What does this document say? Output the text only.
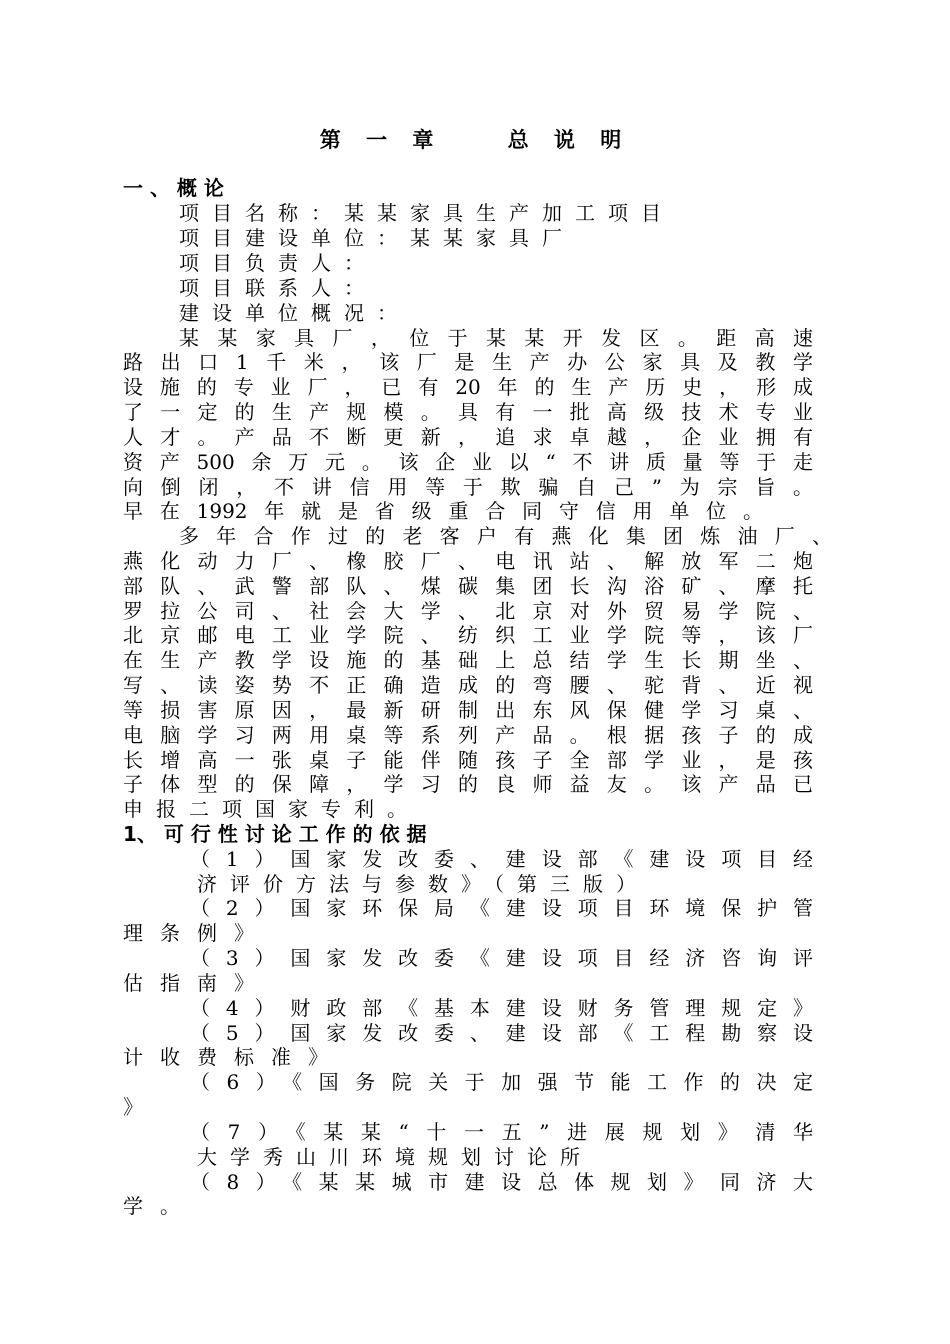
第 一 章    总 说 明

一 、 概 论

项目名称：某某家具生产加工项目

项目建设单位：某某家具厂

项目负责人：

项目联系人：

建设单位概况：

某某家具厂，位于某某开发区。距高速

路出口1千米，该厂是生产办公家具及教学

设施的专业厂，已有20年的生产历史，形成

了一定的生产规模。具有一批高级技术专业

人才。产品不断更新，追求卓越，企业拥有

资产500余万元。该企业以“不讲质量等于走

向倒闭，不讲信用等于欺骗自己”为宗旨。

早在1992年就是省级重合同守信用单位。

多年合作过的老客户有燕化集团炼油厂、

燕化动力厂、橡胶厂、电讯站、解放军二炮

部队、武警部队、煤碳集团长沟浴矿、摩托

罗拉公司、社会大学、北京对外贸易学院、

北京邮电工业学院、纺织工业学院等，该厂

在生产教学设施的基础上总结学生长期坐、

写、读姿势不正确造成的弯腰、驼背、近视

等损害原因，最新研制出东风保健学习桌、

电脑学习两用桌等系列产品。根据孩子的成

长增高一张桌子能伴随孩子全部学业，是孩

子体型的保障，学习的良师益友。该产品已

申报二项国家专利。

1、 可 行 性 讨 论 工 作 的 依 据

（1）国家发改委、建设部《建设项目经

济评价方法与参数》（第三版）

（2）国家环保局《建设项目环境保护管

理条例》

（3）国家发改委《建设项目经济咨询评

估指南》

（4）财政部《基本建设财务管理规定》

（5）国家发改委、建设部《工程勘察设

计收费标准》

（6）《国务院关于加强节能工作的决定

》

（7）《某某“十一五”进展规划》清华

大学秀山川环境规划讨论所

（8）《某某城市建设总体规划》同济大

学。
